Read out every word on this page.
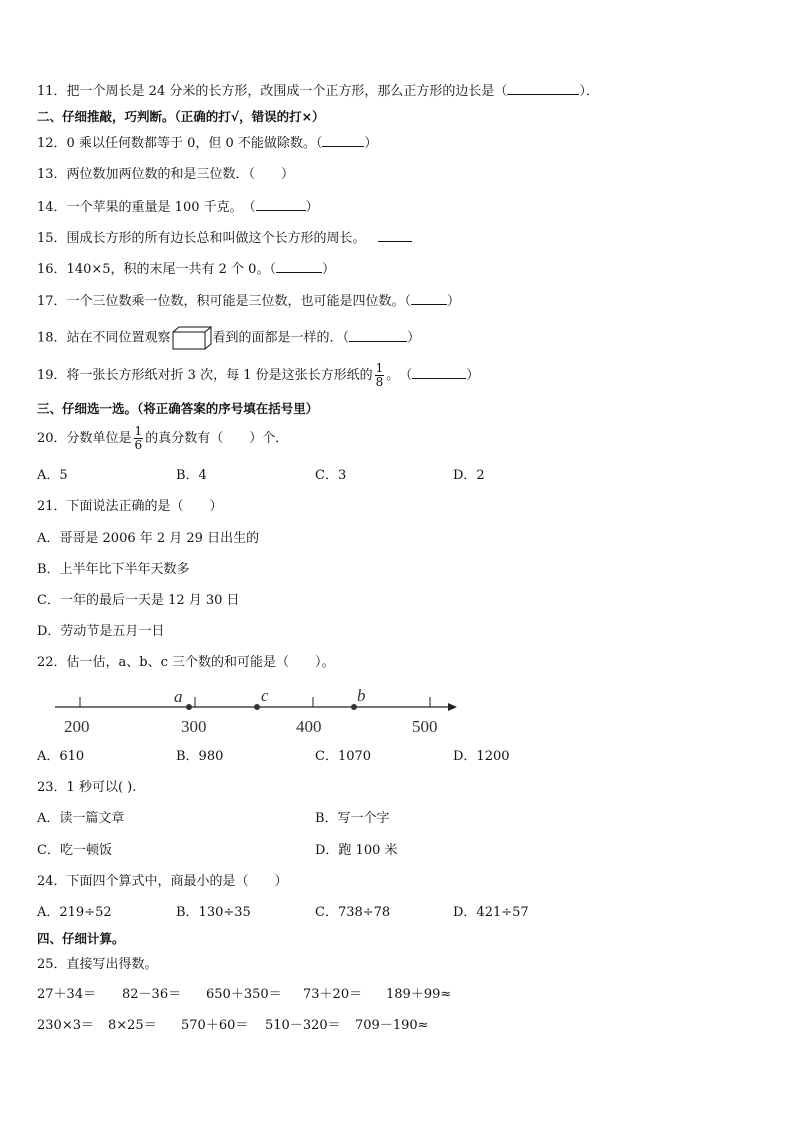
11．把一个周长是 24 分米的长方形，改围成一个正方形，那么正方形的边长是（	）．
二、仔细推敲，巧判断。（正确的打√，错误的打×）
12．0 乘以任何数都等于 0，但 0 不能做除数。（	）
13．两位数加两位数的和是三位数．（　　）
14．一个苹果的重量是 100 千克。　（	）
15．围成长方形的所有边长总和叫做这个长方形的周长。
16．140×5，积的末尾一共有 2 个 0。（	）
17．一个三位数乘一位数，积可能是三位数，也可能是四位数。（	）
18．站在不同位置观察	看到的面都是一样的．（	）
19．将一张长方形纸对折 3 次，每 1 份是这张长方形纸的 $\frac{1}{8}$ 。　（	）
三、仔细选一选。（将正确答案的序号填在括号里）
20．分数单位是 $\frac{1}{6}$ 的真分数有（　　）个．
A．5	B．4	C．3	D．2
21．下面说法正确的是（　　）
A．哥哥是 2006 年 2 月 29 日出生的
B．上半年比下半年天数多
C．一年的最后一天是 12 月 30 日
D．劳动节是五月一日
22．估一估，a、b、c 三个数的和可能是（　　）。
200	300	400	500
a	c	b
A．610	B．980	C．1070	D．1200
23．1 秒可以( ).
A．读一篇文章	B．写一个字
C．吃一顿饭	D．跑 100 米
24．下面四个算式中，商最小的是（　　）
A．219÷52	B．130÷35	C．738÷78	D．421÷57
四、仔细计算。
25．直接写出得数。
27＋34＝ 82－36＝ 650＋350＝ 73＋20＝ 189＋99≈
230×3＝ 8×25＝ 570＋60＝ 510－320＝ 709－190≈
